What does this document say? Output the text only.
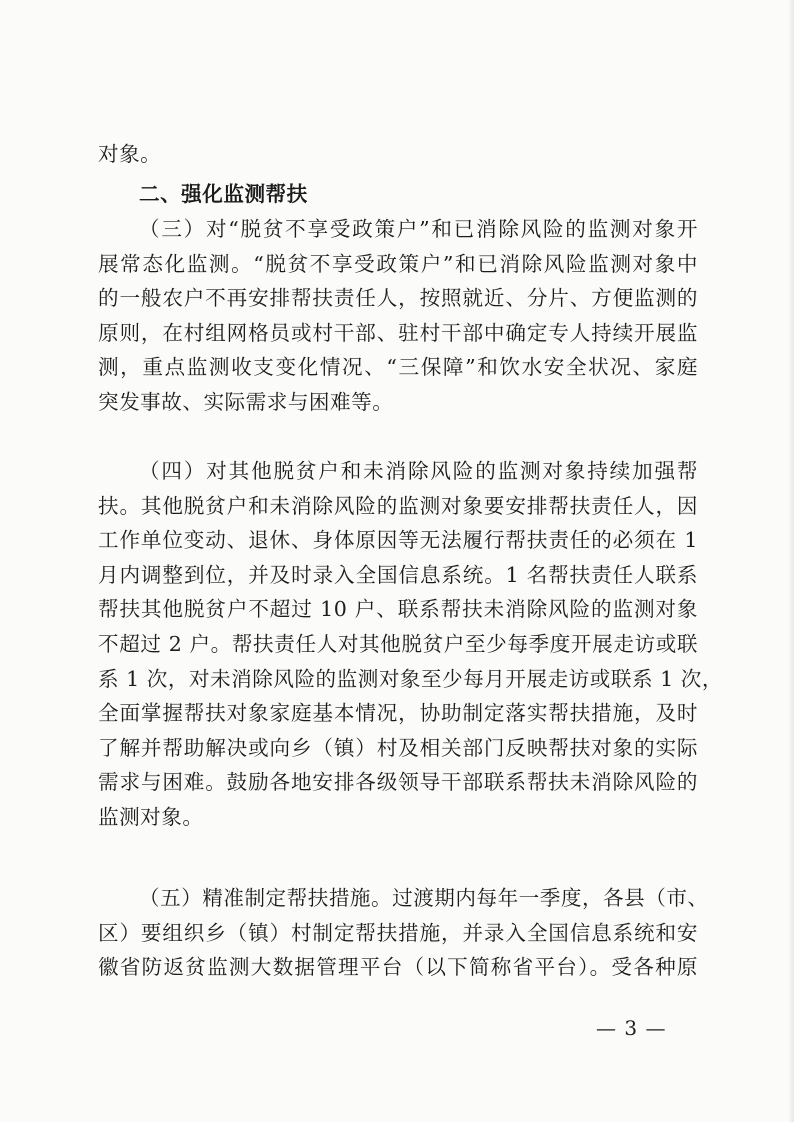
对象。

二、强化监测帮扶

（三）对“脱贫不享受政策户”和已消除风险的监测对象开
展常态化监测。“脱贫不享受政策户”和已消除风险监测对象中
的一般农户不再安排帮扶责任人，按照就近、分片、方便监测的
原则，在村组网格员或村干部、驻村干部中确定专人持续开展监
测，重点监测收支变化情况、“三保障”和饮水安全状况、家庭
突发事故、实际需求与困难等。

（四）对其他脱贫户和未消除风险的监测对象持续加强帮
扶。其他脱贫户和未消除风险的监测对象要安排帮扶责任人，因
工作单位变动、退休、身体原因等无法履行帮扶责任的必须在 1
月内调整到位，并及时录入全国信息系统。1 名帮扶责任人联系
帮扶其他脱贫户不超过 10 户、联系帮扶未消除风险的监测对象
不超过 2 户。帮扶责任人对其他脱贫户至少每季度开展走访或联
系 1 次，对未消除风险的监测对象至少每月开展走访或联系 1 次，
全面掌握帮扶对象家庭基本情况，协助制定落实帮扶措施，及时
了解并帮助解决或向乡（镇）村及相关部门反映帮扶对象的实际
需求与困难。鼓励各地安排各级领导干部联系帮扶未消除风险的
监测对象。

（五）精准制定帮扶措施。过渡期内每年一季度，各县（市、
区）要组织乡（镇）村制定帮扶措施，并录入全国信息系统和安
徽省防返贫监测大数据管理平台（以下简称省平台）。受各种原

— 3 —
